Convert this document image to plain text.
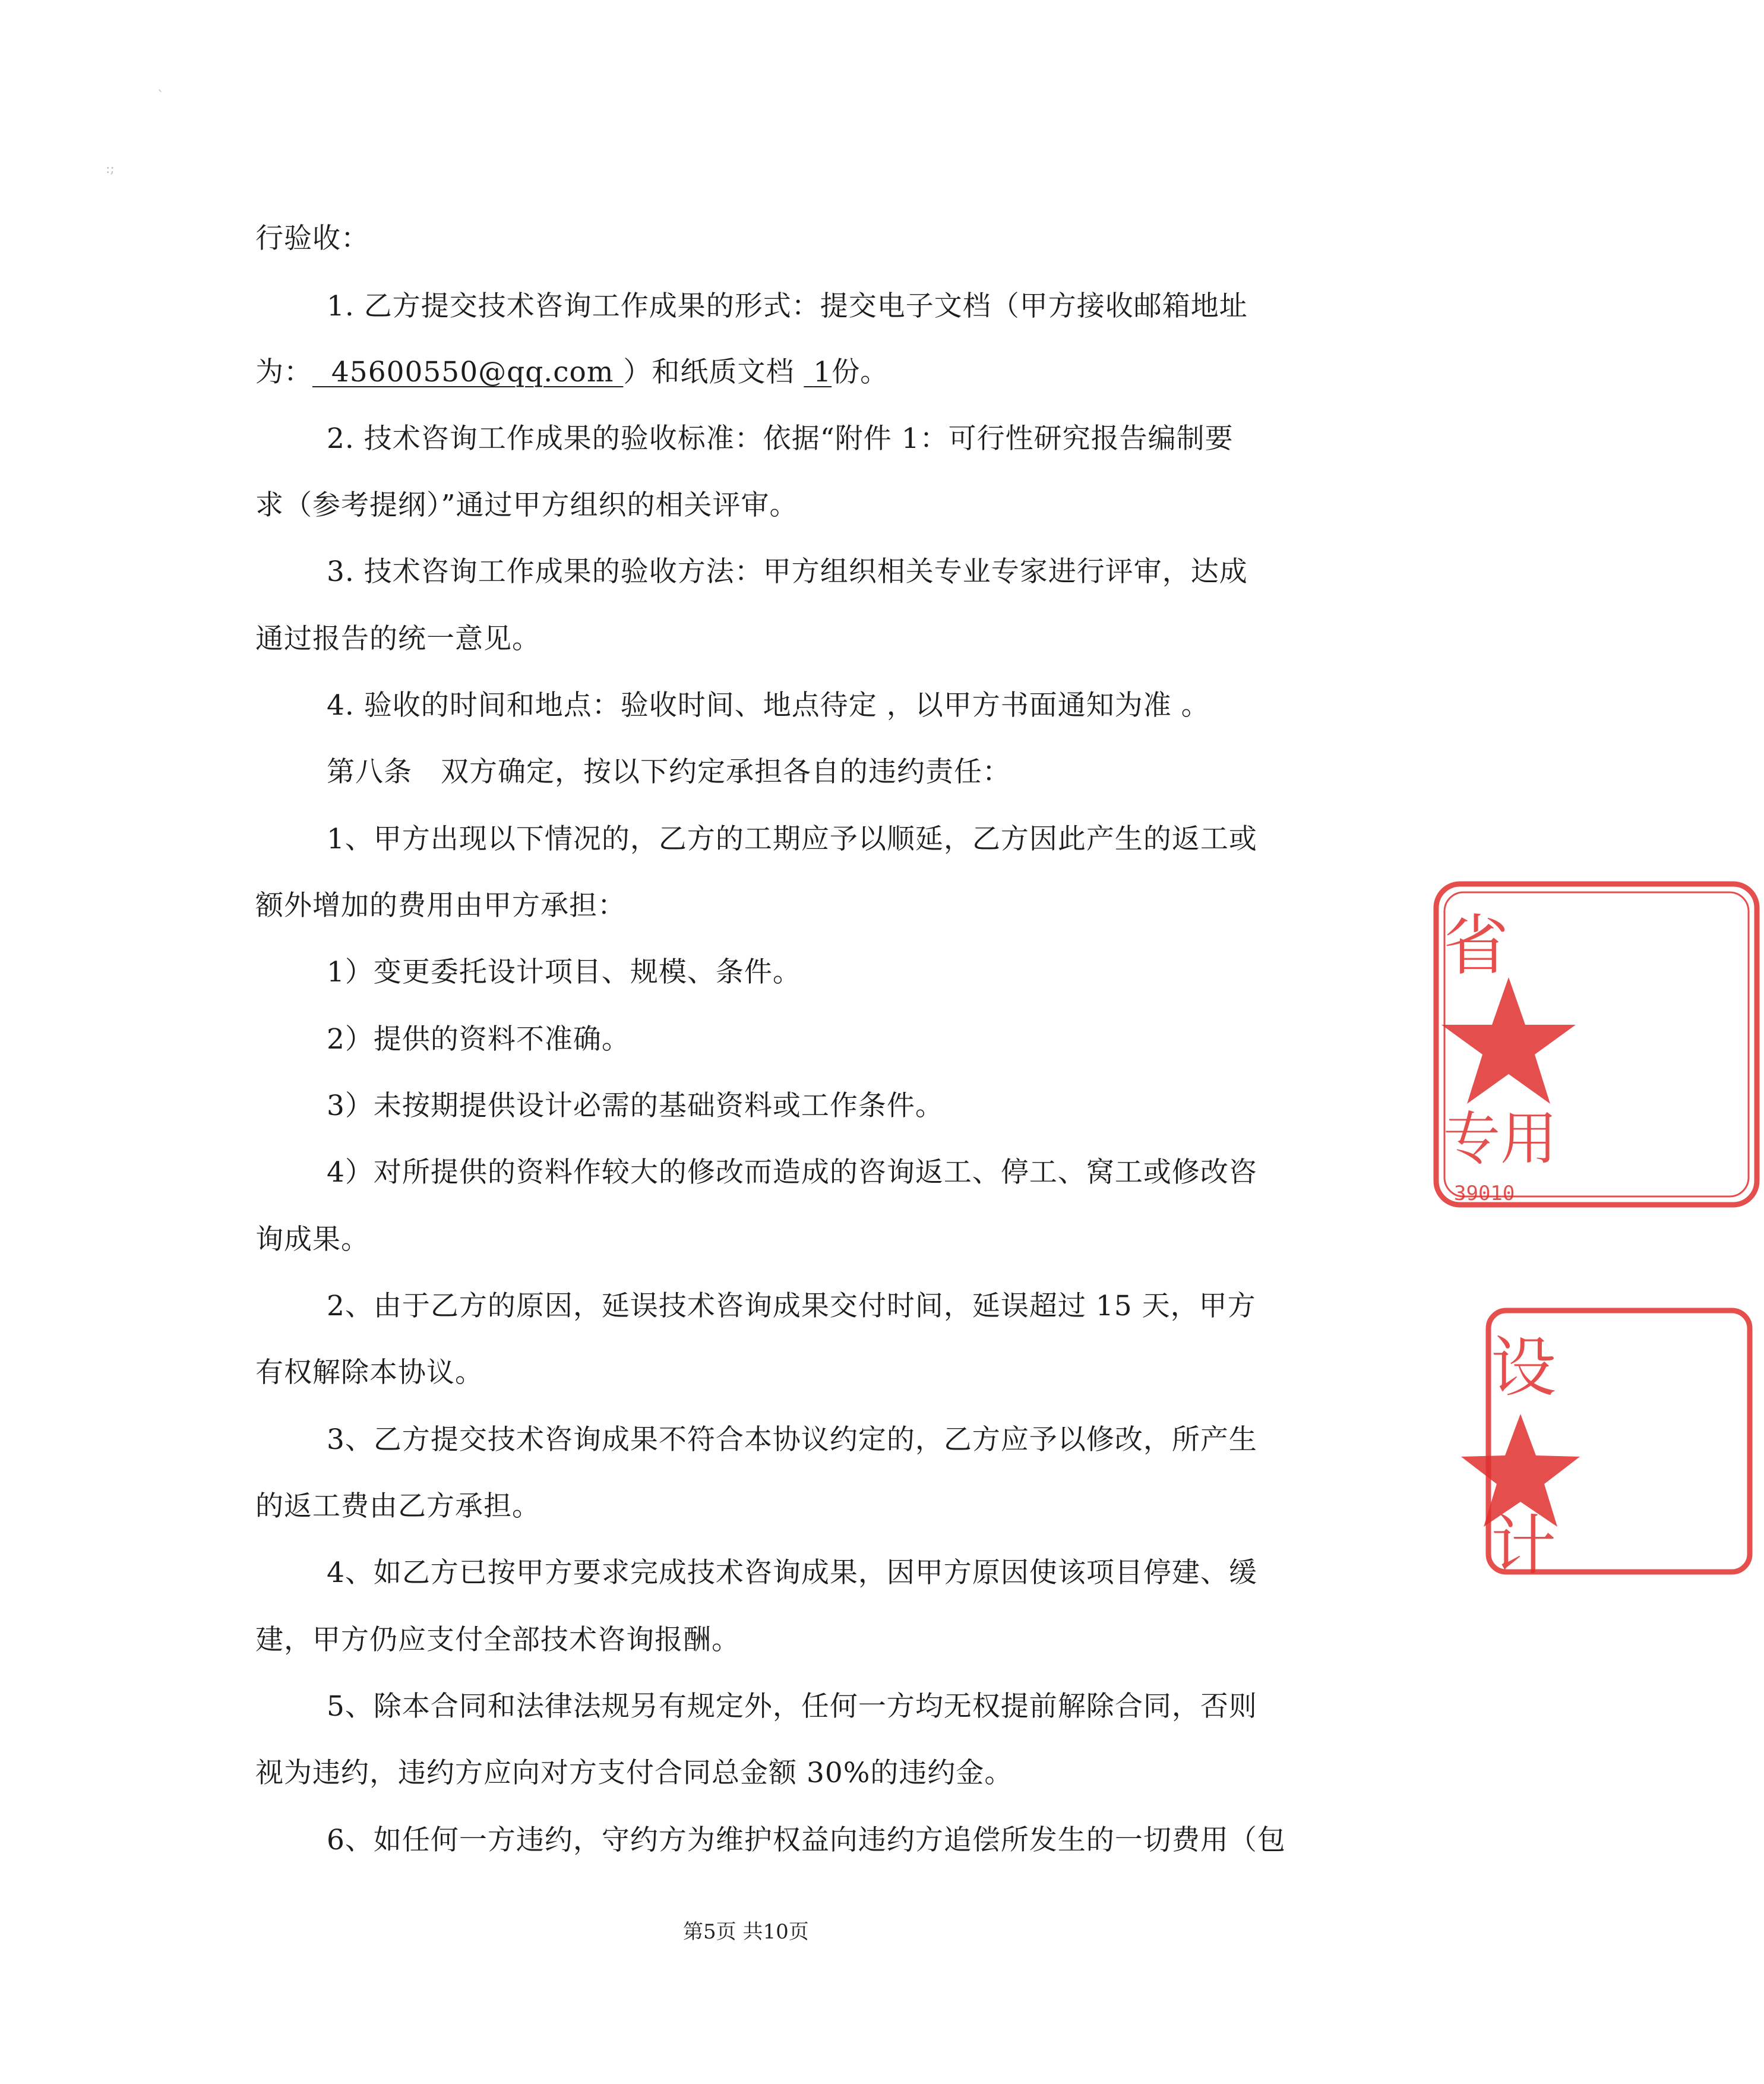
ˋ
:;
行验收：
1. 乙方提交技术咨询工作成果的形式：提交电子文档（甲方接收邮箱地址
为： 45600550@qq.com ）和纸质文档 1份。
2. 技术咨询工作成果的验收标准：依据“附件 1：可行性研究报告编制要
求（参考提纲）”通过甲方组织的相关评审。
3. 技术咨询工作成果的验收方法：甲方组织相关专业专家进行评审，达成
通过报告的统一意见。
4. 验收的时间和地点：验收时间、地点待定 ，以甲方书面通知为准 。
第八条　双方确定，按以下约定承担各自的违约责任：
1、甲方出现以下情况的，乙方的工期应予以顺延，乙方因此产生的返工或
额外增加的费用由甲方承担：
1）变更委托设计项目、规模、条件。
2）提供的资料不准确。
3）未按期提供设计必需的基础资料或工作条件。
4）对所提供的资料作较大的修改而造成的咨询返工、停工、窝工或修改咨
询成果。
2、由于乙方的原因，延误技术咨询成果交付时间，延误超过 15 天，甲方
有权解除本协议。
3、乙方提交技术咨询成果不符合本协议约定的，乙方应予以修改，所产生
的返工费由乙方承担。
4、如乙方已按甲方要求完成技术咨询成果，因甲方原因使该项目停建、缓
建，甲方仍应支付全部技术咨询报酬。
5、除本合同和法律法规另有规定外，任何一方均无权提前解除合同，否则
视为违约，违约方应向对方支付合同总金额 30%的违约金。
6、如任何一方违约，守约方为维护权益向违约方追偿所发生的一切费用（包
第5页 共10页
省
专用
39010
设
计
